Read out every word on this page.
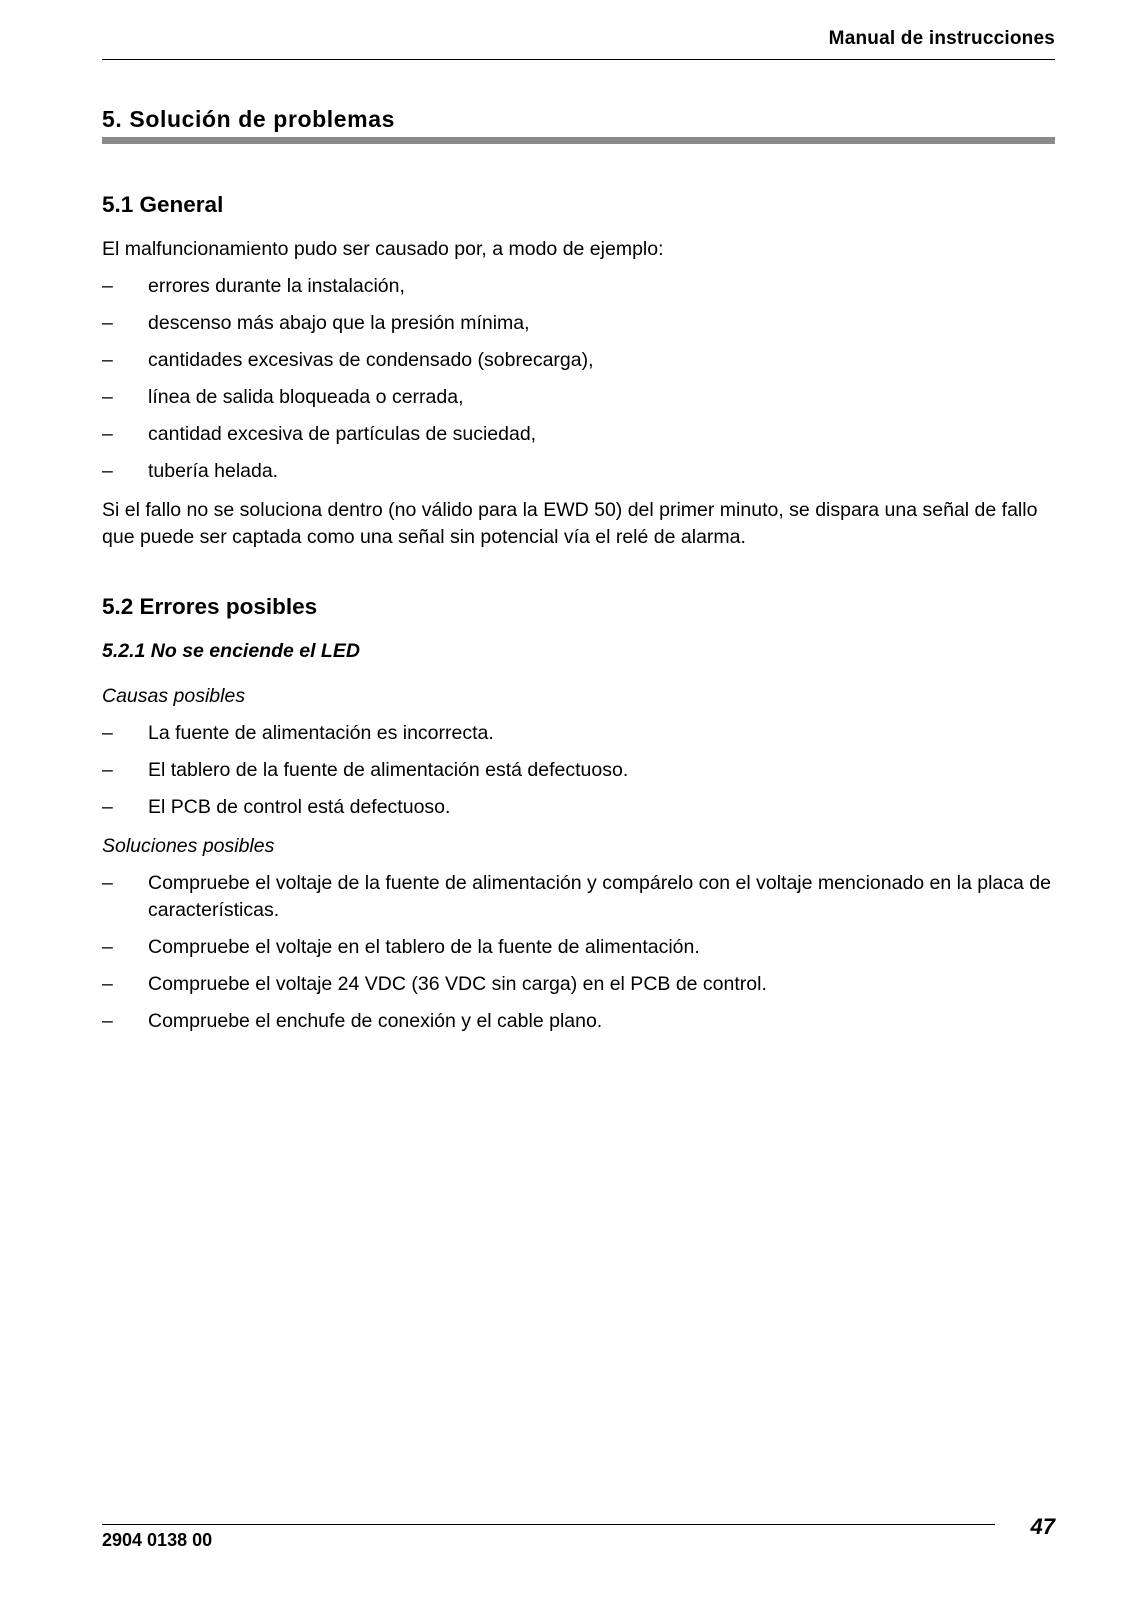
Manual de instrucciones
5. Solución de problemas
5.1 General

El malfuncionamiento pudo ser causado por, a modo de ejemplo:

– errores durante la instalación,
– descenso más abajo que la presión mínima,
– cantidades excesivas de condensado (sobrecarga),
– línea de salida bloqueada o cerrada,
– cantidad excesiva de partículas de suciedad,
– tubería helada.

Si el fallo no se soluciona dentro (no válido para la EWD 50) del primer minuto, se dispara una señal de fallo que puede ser captada como una señal sin potencial vía el relé de alarma.

5.2 Errores posibles
5.2.1 No se enciende el LED

Causas posibles

– La fuente de alimentación es incorrecta.
– El tablero de la fuente de alimentación está defectuoso.
– El PCB de control está defectuoso.

Soluciones posibles

– Compruebe el voltaje de la fuente de alimentación y compárelo con el voltaje mencionado en la placa de características.
– Compruebe el voltaje en el tablero de la fuente de alimentación.
– Compruebe el voltaje 24 VDC (36 VDC sin carga) en el PCB de control.
– Compruebe el enchufe de conexión y el cable plano.
2904 0138 00
47
